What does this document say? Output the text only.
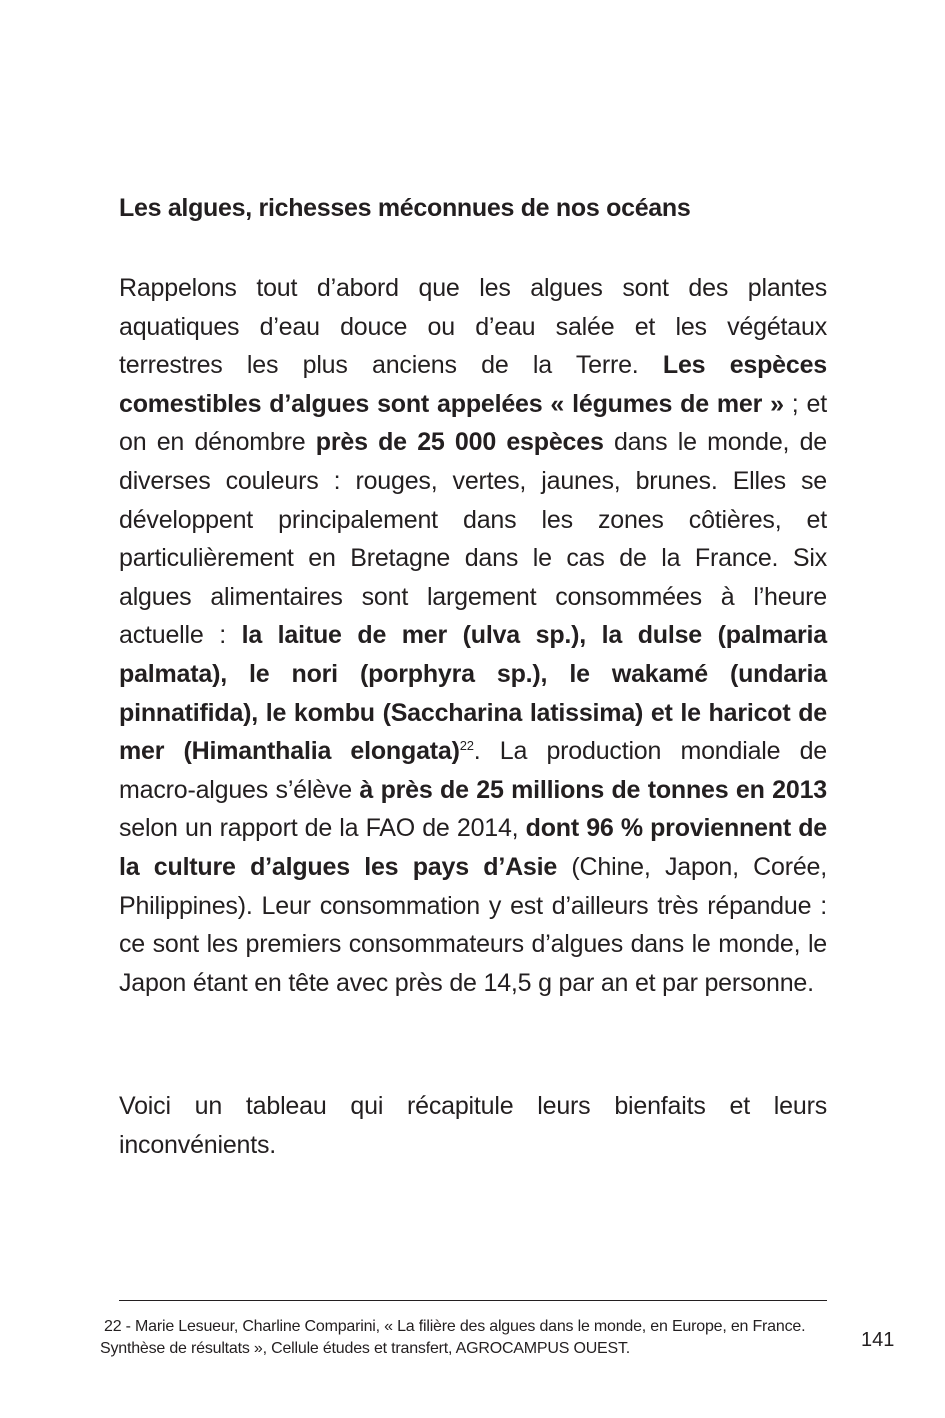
Les algues, richesses méconnues de nos océans

Rappelons tout d’abord que les algues sont des plantes aquatiques d’eau douce ou d’eau salée et les végétaux terrestres les plus anciens de la Terre. Les espèces comestibles d’algues sont appelées « légumes de mer » ; et on en dénombre près de 25 000 espèces dans le monde, de diverses couleurs : rouges, vertes, jaunes, brunes. Elles se développent principalement dans les zones côtières, et particulièrement en Bretagne dans le cas de la France. Six algues alimentaires sont largement consommées à l’heure actuelle : la laitue de mer (ulva sp.), la dulse (palmaria palmata), le nori (porphyra sp.), le wakamé (undaria pinnatifida), le kombu (Saccharina latissima) et le haricot de mer (Himanthalia elongata)$^{22}$. La production mondiale de macro-algues s’élève à près de 25 millions de tonnes en 2013 selon un rapport de la FAO de 2014, dont 96 % proviennent de la culture d’algues les pays d’Asie (Chine, Japon, Corée, Philippines). Leur consommation y est d’ailleurs très répandue : ce sont les premiers consommateurs d’algues dans le monde, le Japon étant en tête avec près de 14,5 g par an et par personne.

Voici un tableau qui récapitule leurs bienfaits et leurs inconvénients.

22 - Marie Lesueur, Charline Comparini, « La filière des algues dans le monde, en Europe, en France. Synthèse de résultats », Cellule études et transfert, AGROCAMPUS OUEST.	141
